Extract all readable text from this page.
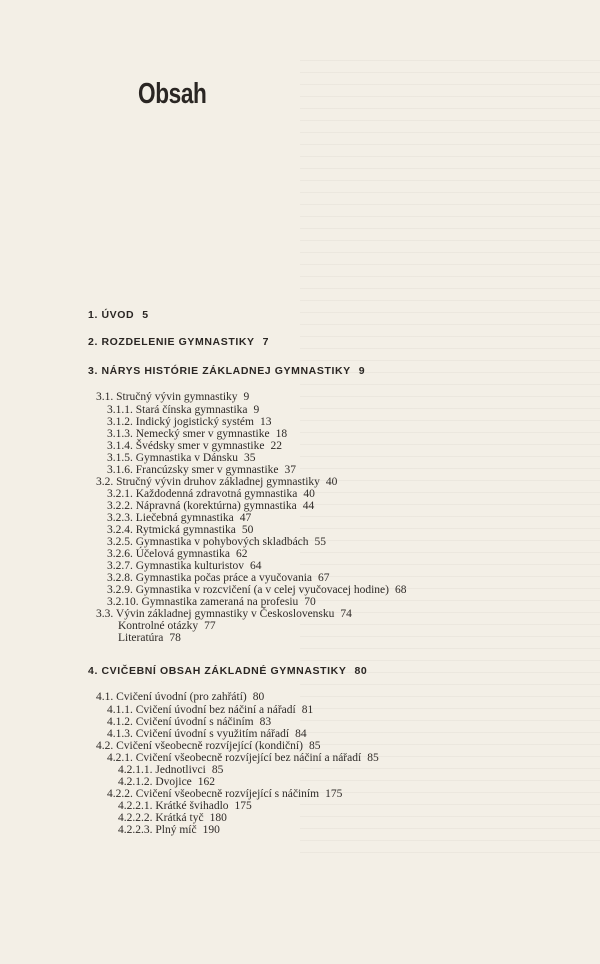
Obsah
1. ÚVOD 5
2. ROZDELENIE GYMNASTIKY 7
3. NÁRYS HISTÓRIE ZÁKLADNEJ GYMNASTIKY 9
3.1. Stručný vývin gymnastiky 9
3.1.1. Stará čínska gymnastika 9
3.1.2. Indický jogistický systém 13
3.1.3. Nemecký smer v gymnastike 18
3.1.4. Švédsky smer v gymnastike 22
3.1.5. Gymnastika v Dánsku 35
3.1.6. Francúzsky smer v gymnastike 37
3.2. Stručný vývin druhov základnej gymnastiky 40
3.2.1. Každodenná zdravotná gymnastika 40
3.2.2. Nápravná (korektúrna) gymnastika 44
3.2.3. Liečebná gymnastika 47
3.2.4. Rytmická gymnastika 50
3.2.5. Gymnastika v pohybových skladbách 55
3.2.6. Účelová gymnastika 62
3.2.7. Gymnastika kulturistov 64
3.2.8. Gymnastika počas práce a vyučovania 67
3.2.9. Gymnastika v rozcvičení (a v celej vyučovacej hodine) 68
3.2.10. Gymnastika zameraná na profesiu 70
3.3. Vývin základnej gymnastiky v Československu 74
Kontrolné otázky 77
Literatúra 78
4. CVIČEBNÍ OBSAH ZÁKLADNÉ GYMNASTIKY 80
4.1. Cvičení úvodní (pro zahřátí) 80
4.1.1. Cvičení úvodní bez náčiní a nářadí 81
4.1.2. Cvičení úvodní s náčiním 83
4.1.3. Cvičení úvodní s využitím nářadí 84
4.2. Cvičení všeobecně rozvíjející (kondiční) 85
4.2.1. Cvičení všeobecně rozvíjející bez náčiní a nářadí 85
4.2.1.1. Jednotlivci 85
4.2.1.2. Dvojice 162
4.2.2. Cvičení všeobecně rozvíjející s náčiním 175
4.2.2.1. Krátké švihadlo 175
4.2.2.2. Krátká tyč 180
4.2.2.3. Plný míč 190
